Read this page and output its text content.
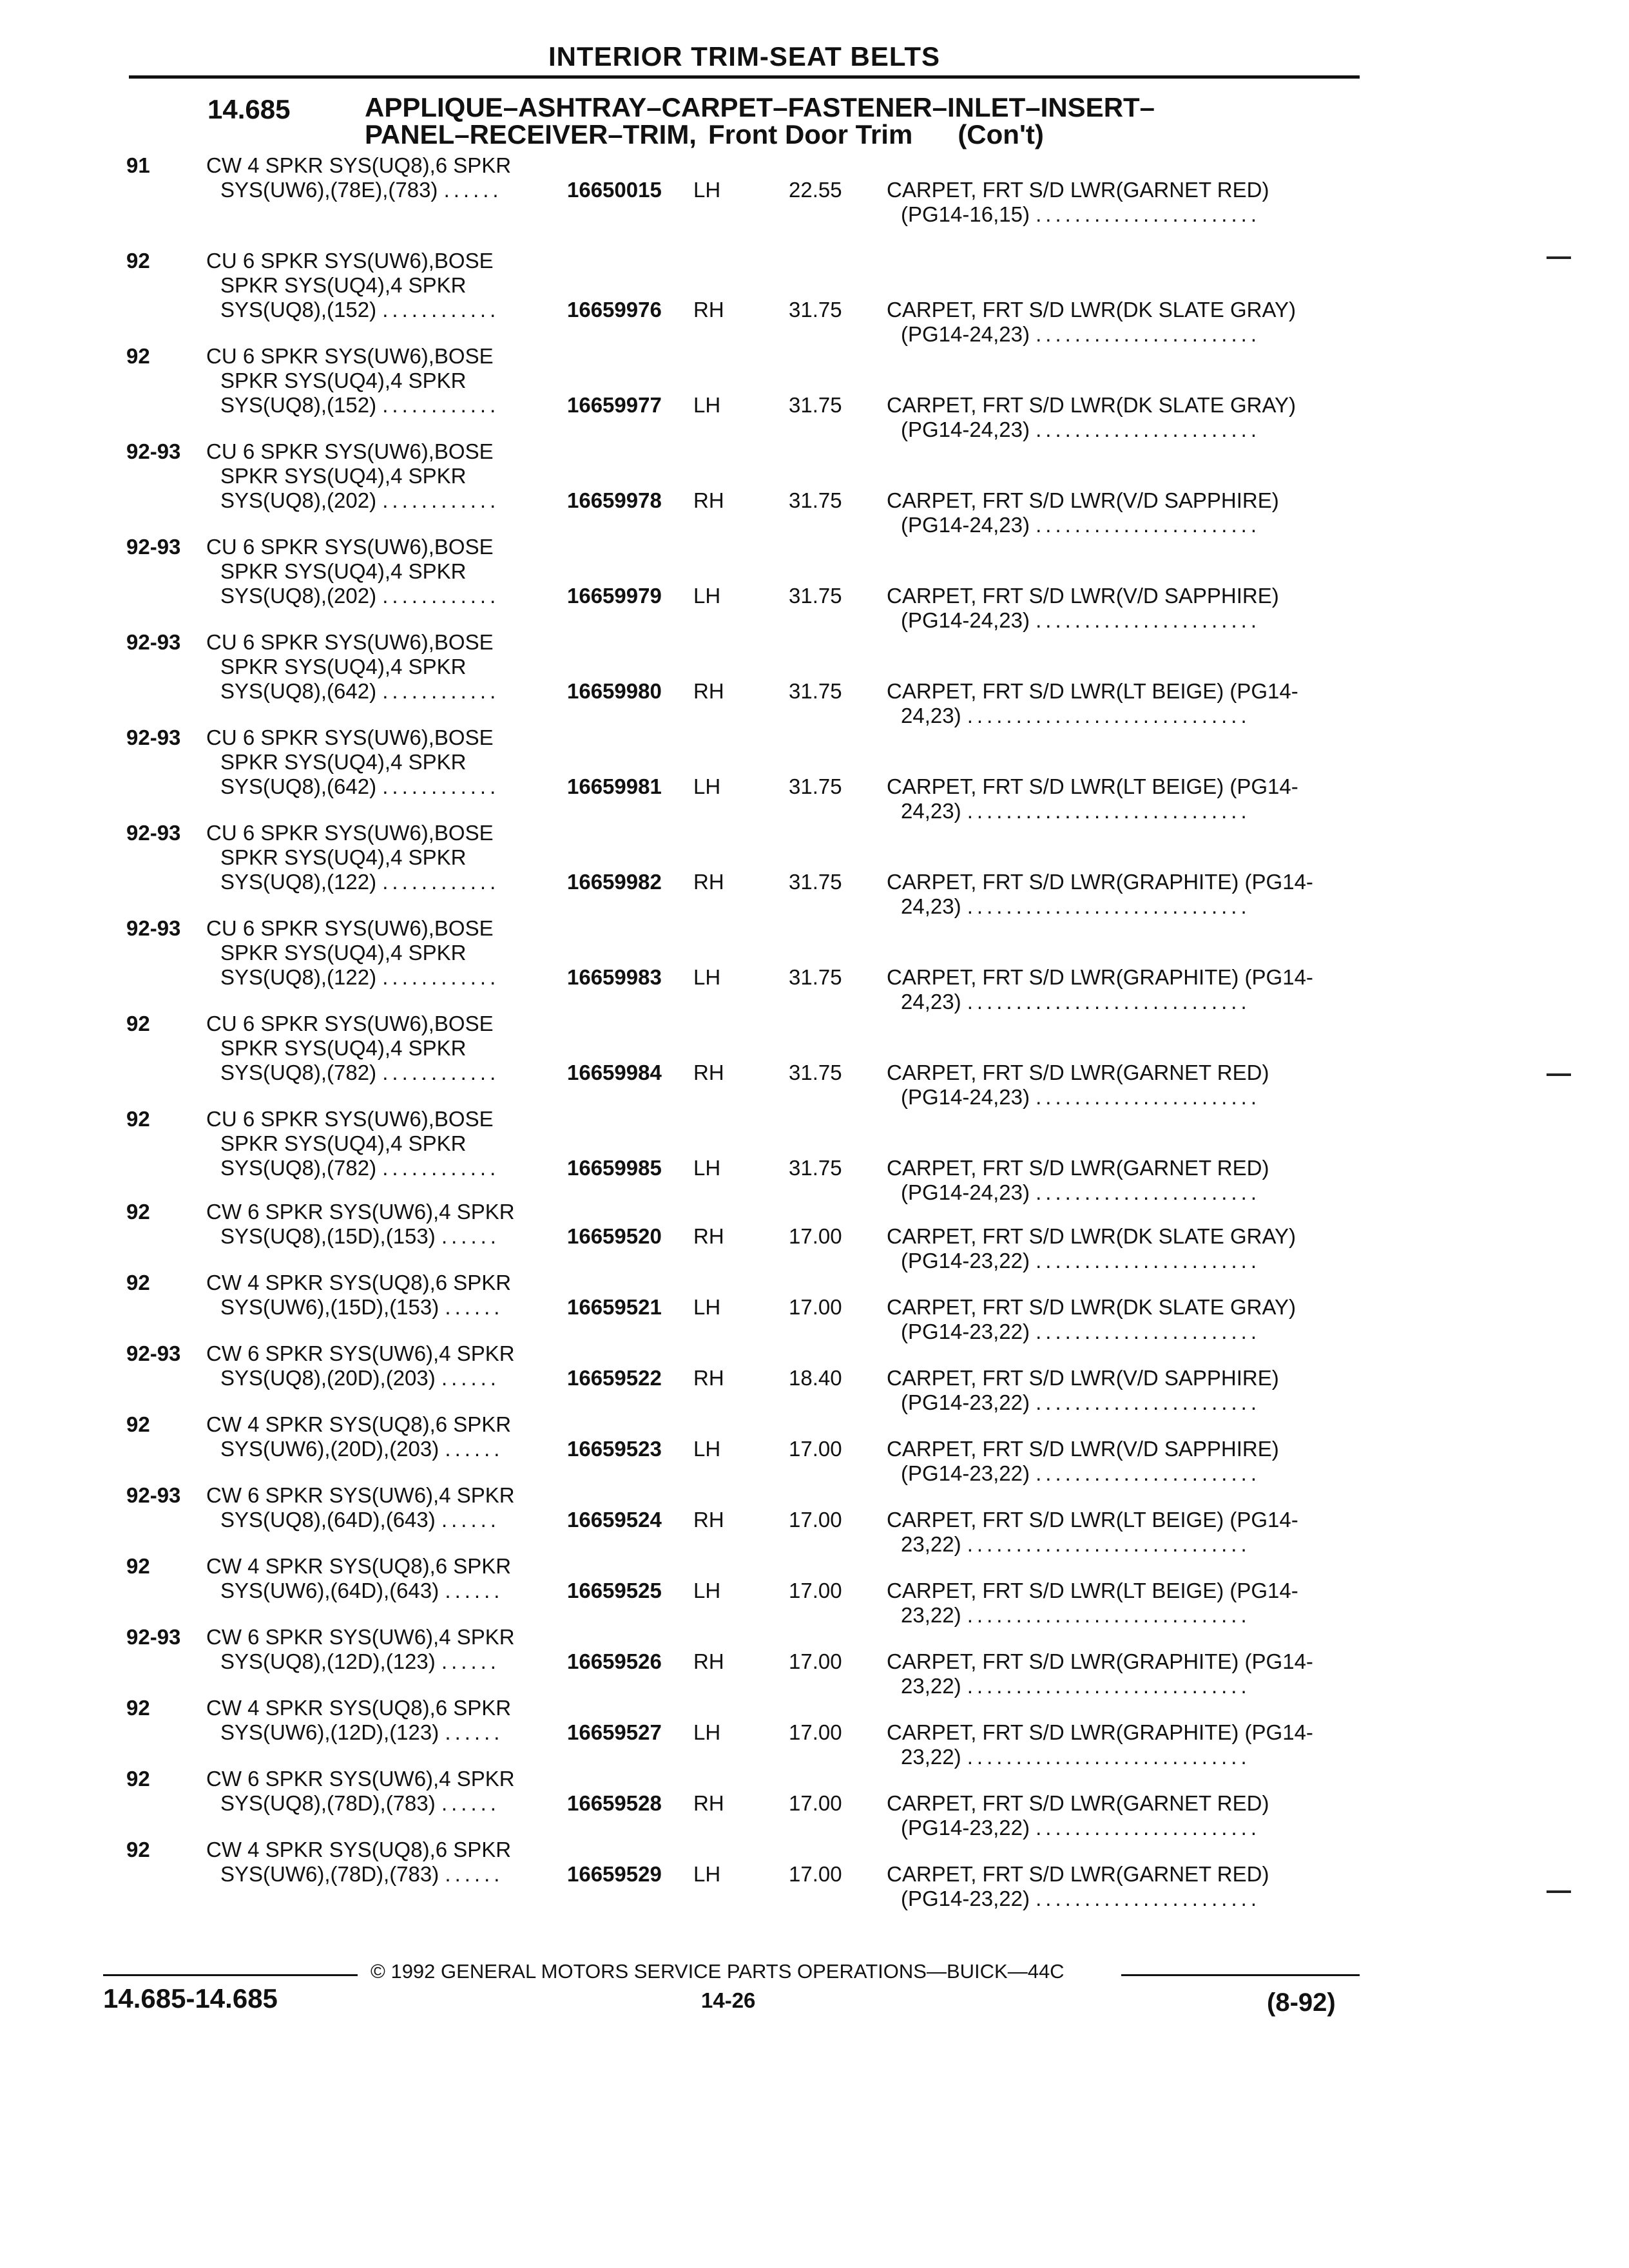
INTERIOR TRIM-SEAT BELTS
14.685	APPLIQUE–ASHTRAY–CARPET–FASTENER–INLET–INSERT–
PANEL–RECEIVER–TRIM, Front Door Trim (Con't)
91	CW 4 SPKR SYS(UQ8),6 SPKR
SYS(UW6),(78E),(783) ......	16650015 LH	22.55 CARPET, FRT S/D LWR(GARNET RED)
(PG14-16,15) .......................
92	CU 6 SPKR SYS(UW6),BOSE
SPKR SYS(UQ4),4 SPKR
SYS(UQ8),(152) ............	16659976 RH	31.75 CARPET, FRT S/D LWR(DK SLATE GRAY)
(PG14-24,23) .......................
92	CU 6 SPKR SYS(UW6),BOSE
SPKR SYS(UQ4),4 SPKR
SYS(UQ8),(152) ............	16659977 LH	31.75 CARPET, FRT S/D LWR(DK SLATE GRAY)
(PG14-24,23) .......................
92-93 CU 6 SPKR SYS(UW6),BOSE
SPKR SYS(UQ4),4 SPKR
SYS(UQ8),(202) ............	16659978 RH	31.75 CARPET, FRT S/D LWR(V/D SAPPHIRE)
(PG14-24,23) .......................
92-93 CU 6 SPKR SYS(UW6),BOSE
SPKR SYS(UQ4),4 SPKR
SYS(UQ8),(202) ............	16659979 LH	31.75 CARPET, FRT S/D LWR(V/D SAPPHIRE)
(PG14-24,23) .......................
92-93 CU 6 SPKR SYS(UW6),BOSE
SPKR SYS(UQ4),4 SPKR
SYS(UQ8),(642) ............	16659980 RH	31.75 CARPET, FRT S/D LWR(LT BEIGE) (PG14-
24,23) .............................
92-93 CU 6 SPKR SYS(UW6),BOSE
SPKR SYS(UQ4),4 SPKR
SYS(UQ8),(642) ............	16659981 LH	31.75 CARPET, FRT S/D LWR(LT BEIGE) (PG14-
24,23) .............................
92-93 CU 6 SPKR SYS(UW6),BOSE
SPKR SYS(UQ4),4 SPKR
SYS(UQ8),(122) ............	16659982 RH	31.75 CARPET, FRT S/D LWR(GRAPHITE) (PG14-
24,23) .............................
92-93 CU 6 SPKR SYS(UW6),BOSE
SPKR SYS(UQ4),4 SPKR
SYS(UQ8),(122) ............	16659983 LH	31.75 CARPET, FRT S/D LWR(GRAPHITE) (PG14-
24,23) .............................
92	CU 6 SPKR SYS(UW6),BOSE
SPKR SYS(UQ4),4 SPKR
SYS(UQ8),(782) ............	16659984 RH	31.75 CARPET, FRT S/D LWR(GARNET RED)
(PG14-24,23) .......................
92	CU 6 SPKR SYS(UW6),BOSE
SPKR SYS(UQ4),4 SPKR
SYS(UQ8),(782) ............	16659985 LH	31.75 CARPET, FRT S/D LWR(GARNET RED)
(PG14-24,23) .......................
92	CW 6 SPKR SYS(UW6),4 SPKR
SYS(UQ8),(15D),(153) ......	16659520 RH	17.00 CARPET, FRT S/D LWR(DK SLATE GRAY)
(PG14-23,22) .......................
92	CW 4 SPKR SYS(UQ8),6 SPKR
SYS(UW6),(15D),(153) ......	16659521 LH	17.00 CARPET, FRT S/D LWR(DK SLATE GRAY)
(PG14-23,22) .......................
92-93 CW 6 SPKR SYS(UW6),4 SPKR
SYS(UQ8),(20D),(203) ......	16659522 RH	18.40 CARPET, FRT S/D LWR(V/D SAPPHIRE)
(PG14-23,22) .......................
92	CW 4 SPKR SYS(UQ8),6 SPKR
SYS(UW6),(20D),(203) ......	16659523 LH	17.00 CARPET, FRT S/D LWR(V/D SAPPHIRE)
(PG14-23,22) .......................
92-93 CW 6 SPKR SYS(UW6),4 SPKR
SYS(UQ8),(64D),(643) ......	16659524 RH	17.00 CARPET, FRT S/D LWR(LT BEIGE) (PG14-
23,22) .............................
92	CW 4 SPKR SYS(UQ8),6 SPKR
SYS(UW6),(64D),(643) ......	16659525 LH	17.00 CARPET, FRT S/D LWR(LT BEIGE) (PG14-
23,22) .............................
92-93 CW 6 SPKR SYS(UW6),4 SPKR
SYS(UQ8),(12D),(123) ......	16659526 RH	17.00 CARPET, FRT S/D LWR(GRAPHITE) (PG14-
23,22) .............................
92	CW 4 SPKR SYS(UQ8),6 SPKR
SYS(UW6),(12D),(123) ......	16659527 LH	17.00 CARPET, FRT S/D LWR(GRAPHITE) (PG14-
23,22) .............................
92	CW 6 SPKR SYS(UW6),4 SPKR
SYS(UQ8),(78D),(783) ......	16659528 RH	17.00 CARPET, FRT S/D LWR(GARNET RED)
(PG14-23,22) .......................
92	CW 4 SPKR SYS(UQ8),6 SPKR
SYS(UW6),(78D),(783) ......	16659529 LH	17.00 CARPET, FRT S/D LWR(GARNET RED)
(PG14-23,22) .......................
© 1992 GENERAL MOTORS SERVICE PARTS OPERATIONS—BUICK—44C
14.685-14.685	14-26	(8-92)
